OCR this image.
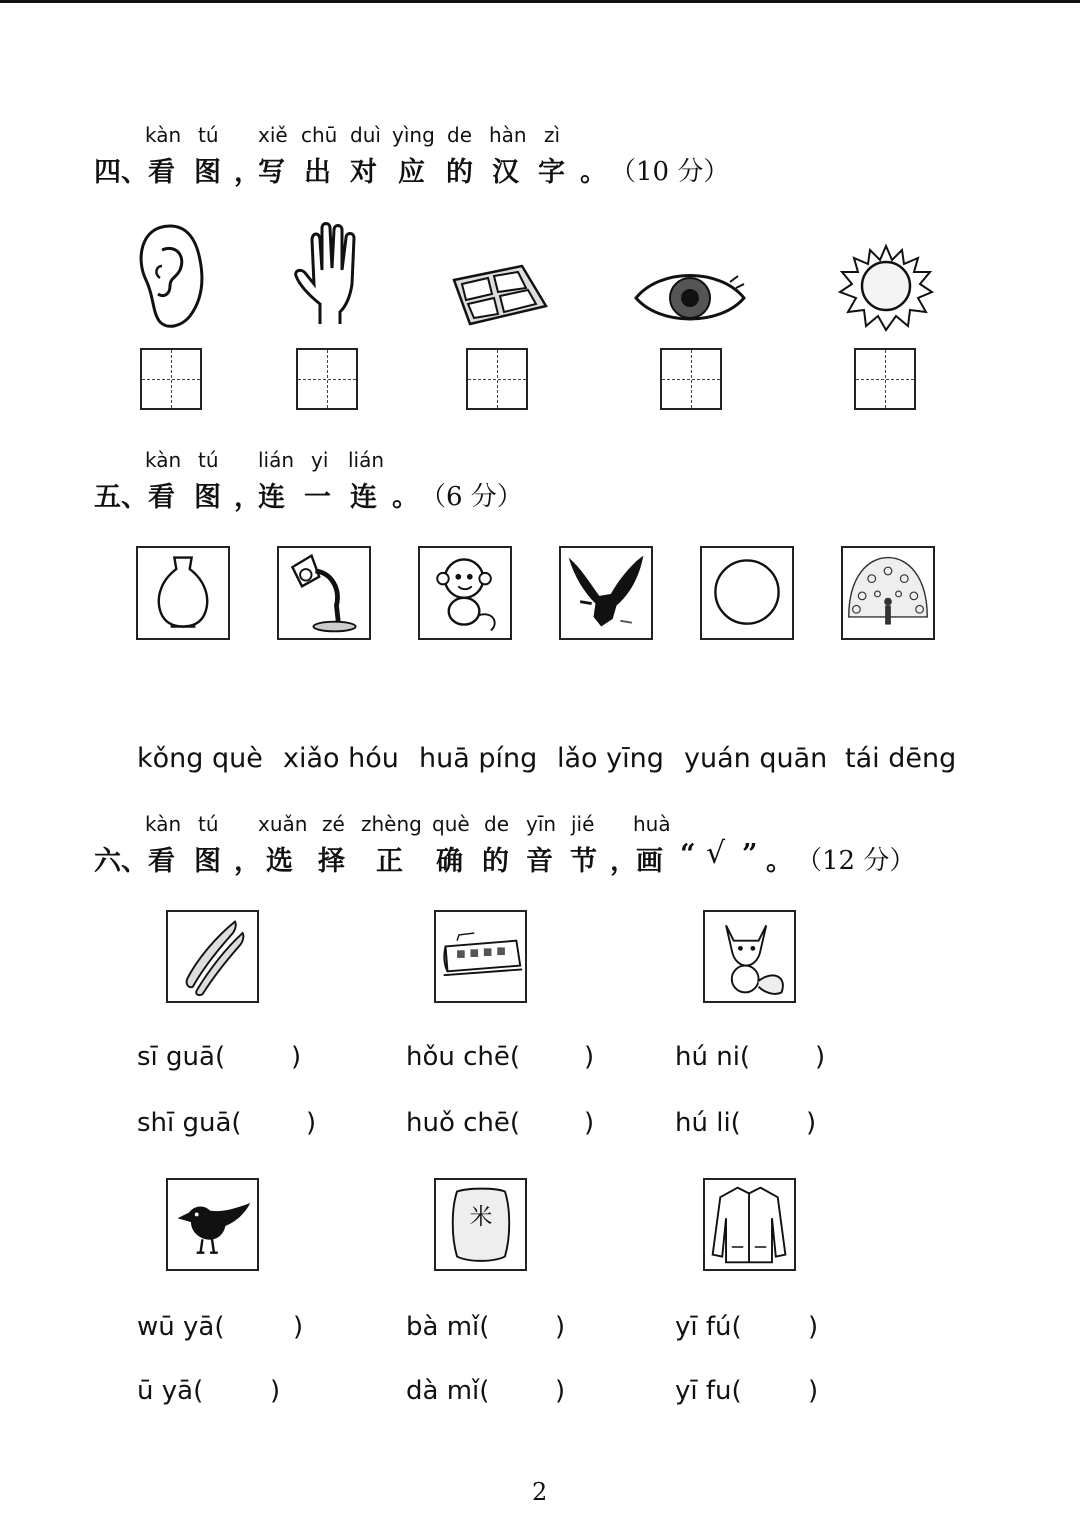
kàn tú xiě chū duì yìng de hàn zì
四、 看 图 ，
写 出 对 应 的 汉 字 。 （10 分）
kàn tú lián yi lián
五、 看 图 ，
连 一 连 。 （6 分）
kǒng què xiǎo hóu huā píng lǎo yīng yuán quān tái dēng
kàn tú xuǎn zé zhèng què de yīn jié huà
六、 看 图 ， 选 择 正 确 的 音 节 ， 画 “ √ ” 。 （12 分）
sī guā(	)
shī guā( )
hǒu chē( )
huǒ chē( )
hú ni( )
hú li(	)
米
wū yā(	)
ū yā(	)
bà mǐ(	)
dà mǐ(	)
yī fú(	)
yī fu(	)
2
